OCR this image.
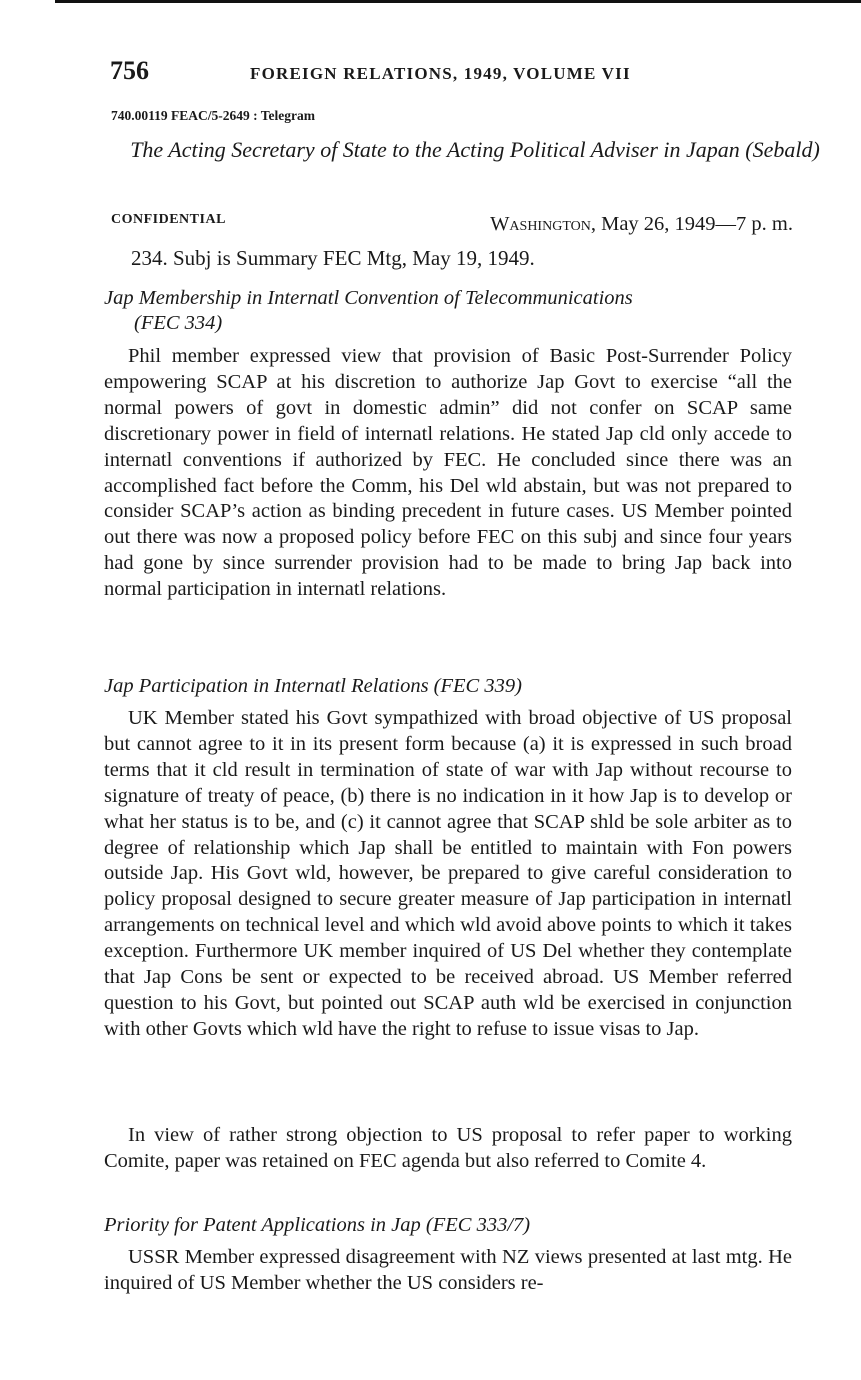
756	FOREIGN RELATIONS, 1949, VOLUME VII
740.00119 FEAC/5-2649 : Telegram
The Acting Secretary of State to the Acting Political Adviser in Japan (Sebald)
CONFIDENTIAL	Washington, May 26, 1949—7 p. m.
234. Subj is Summary FEC Mtg, May 19, 1949.
Jap Membership in Internatl Convention of Telecommunications
(FEC 334)

Phil member expressed view that provision of Basic Post-Surrender Policy empowering SCAP at his discretion to authorize Jap Govt to exercise “all the normal powers of govt in domestic admin” did not confer on SCAP same discretionary power in field of internatl relations. He stated Jap cld only accede to internatl conventions if authorized by FEC. He concluded since there was an accomplished fact before the Comm, his Del wld abstain, but was not prepared to consider SCAP’s action as binding precedent in future cases. US Member pointed out there was now a proposed policy before FEC on this subj and since four years had gone by since surrender provision had to be made to bring Jap back into normal participation in internatl relations.

Jap Participation in Internatl Relations (FEC 339)

UK Member stated his Govt sympathized with broad objective of US proposal but cannot agree to it in its present form because (a) it is expressed in such broad terms that it cld result in termination of state of war with Jap without recourse to signature of treaty of peace, (b) there is no indication in it how Jap is to develop or what her status is to be, and (c) it cannot agree that SCAP shld be sole arbiter as to degree of relationship which Jap shall be entitled to maintain with Fon powers outside Jap. His Govt wld, however, be prepared to give careful consideration to policy proposal designed to secure greater measure of Jap participation in internatl arrangements on technical level and which wld avoid above points to which it takes exception. Furthermore UK member inquired of US Del whether they contemplate that Jap Cons be sent or expected to be received abroad. US Member referred question to his Govt, but pointed out SCAP auth wld be exercised in conjunction with other Govts which wld have the right to refuse to issue visas to Jap.

In view of rather strong objection to US proposal to refer paper to working Comite, paper was retained on FEC agenda but also referred to Comite 4.

Priority for Patent Applications in Jap (FEC 333/7)

USSR Member expressed disagreement with NZ views presented at last mtg. He inquired of US Member whether the US considers re-
